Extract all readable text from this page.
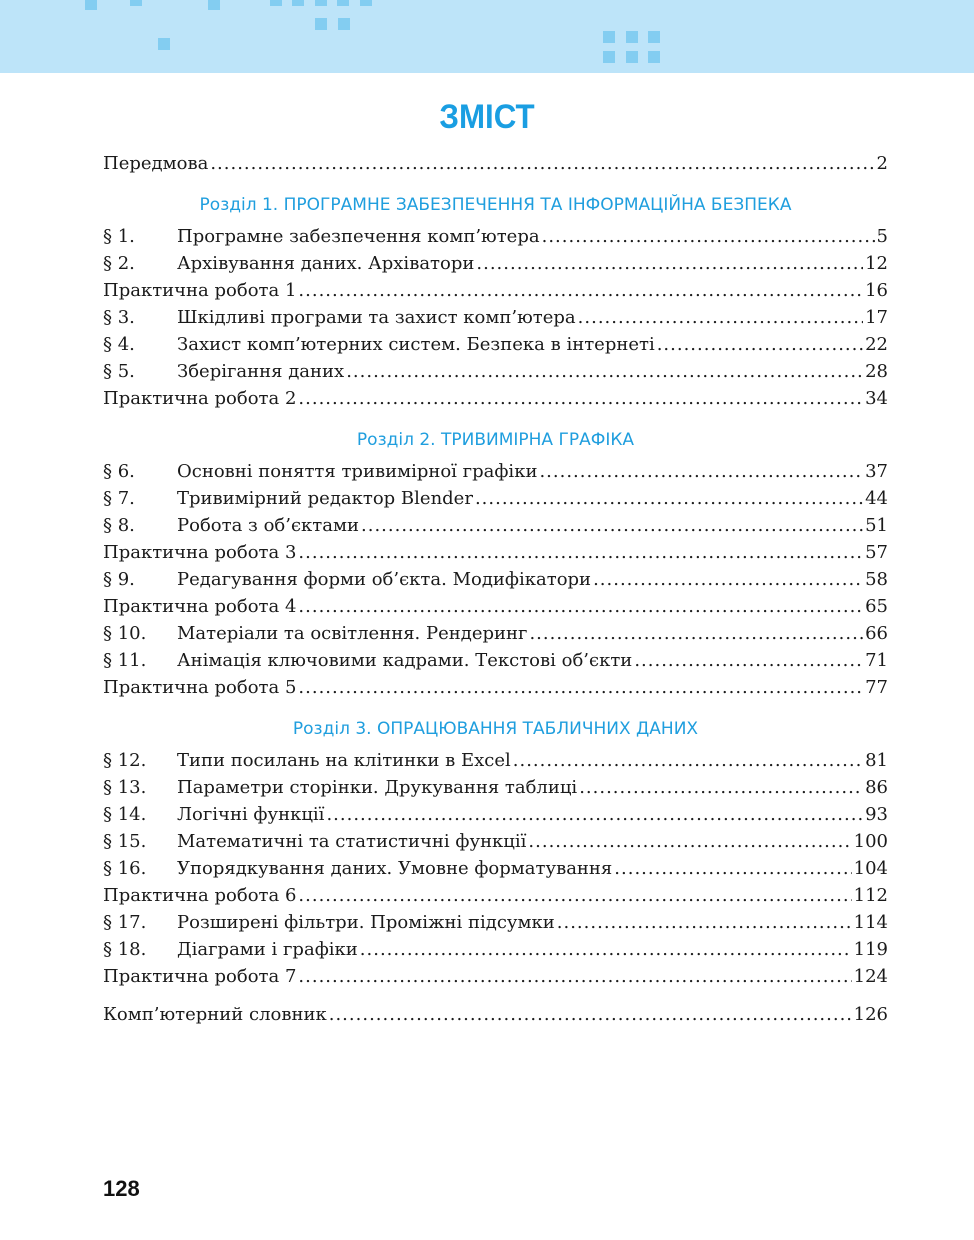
ЗМІСТ
Передмова .....	2
Розділ 1. ПРОГРАМНЕ ЗАБЕЗПЕЧЕННЯ ТА ІНФОРМАЦІЙНА БЕЗПЕКА
§ 1.	Програмне забезпечення комп’ютера .....	5
§ 2.	Архівування даних. Архіватори .....	12
Практична робота 1 .....	16
§ 3.	Шкідливі програми та захист комп’ютера .....	17
§ 4.	Захист комп’ютерних систем. Безпека в інтернеті .....	22
§ 5.	Зберігання даних .....	28
Практична робота 2 .....	34
Розділ 2. ТРИВИМІРНА ГРАФІКА
§ 6.	Основні поняття тривимірної графіки .....	37
§ 7.	Тривимірний редактор Blender .....	44
§ 8.	Робота з об’єктами .....	51
Практична робота 3 .....	57
§ 9.	Редагування форми об’єкта. Модифікатори .....	58
Практична робота 4 .....	65
§ 10.	Матеріали та освітлення. Рендеринг .....	66
§ 11.	Анімація ключовими кадрами. Текстові об’єкти .....	71
Практична робота 5 .....	77
Розділ 3. ОПРАЦЮВАННЯ ТАБЛИЧНИХ ДАНИХ
§ 12.	Типи посилань на клітинки в Excel .....	81
§ 13.	Параметри сторінки. Друкування таблиці .....	86
§ 14.	Логічні функції .....	93
§ 15.	Математичні та статистичні функції .....	100
§ 16.	Упорядкування даних. Умовне форматування .....	104
Практична робота 6 .....	112
§ 17.	Розширені фільтри. Проміжні підсумки .....	114
§ 18.	Діаграми і графіки .....	119
Практична робота 7 .....	124
Комп’ютерний словник .....	126
128
